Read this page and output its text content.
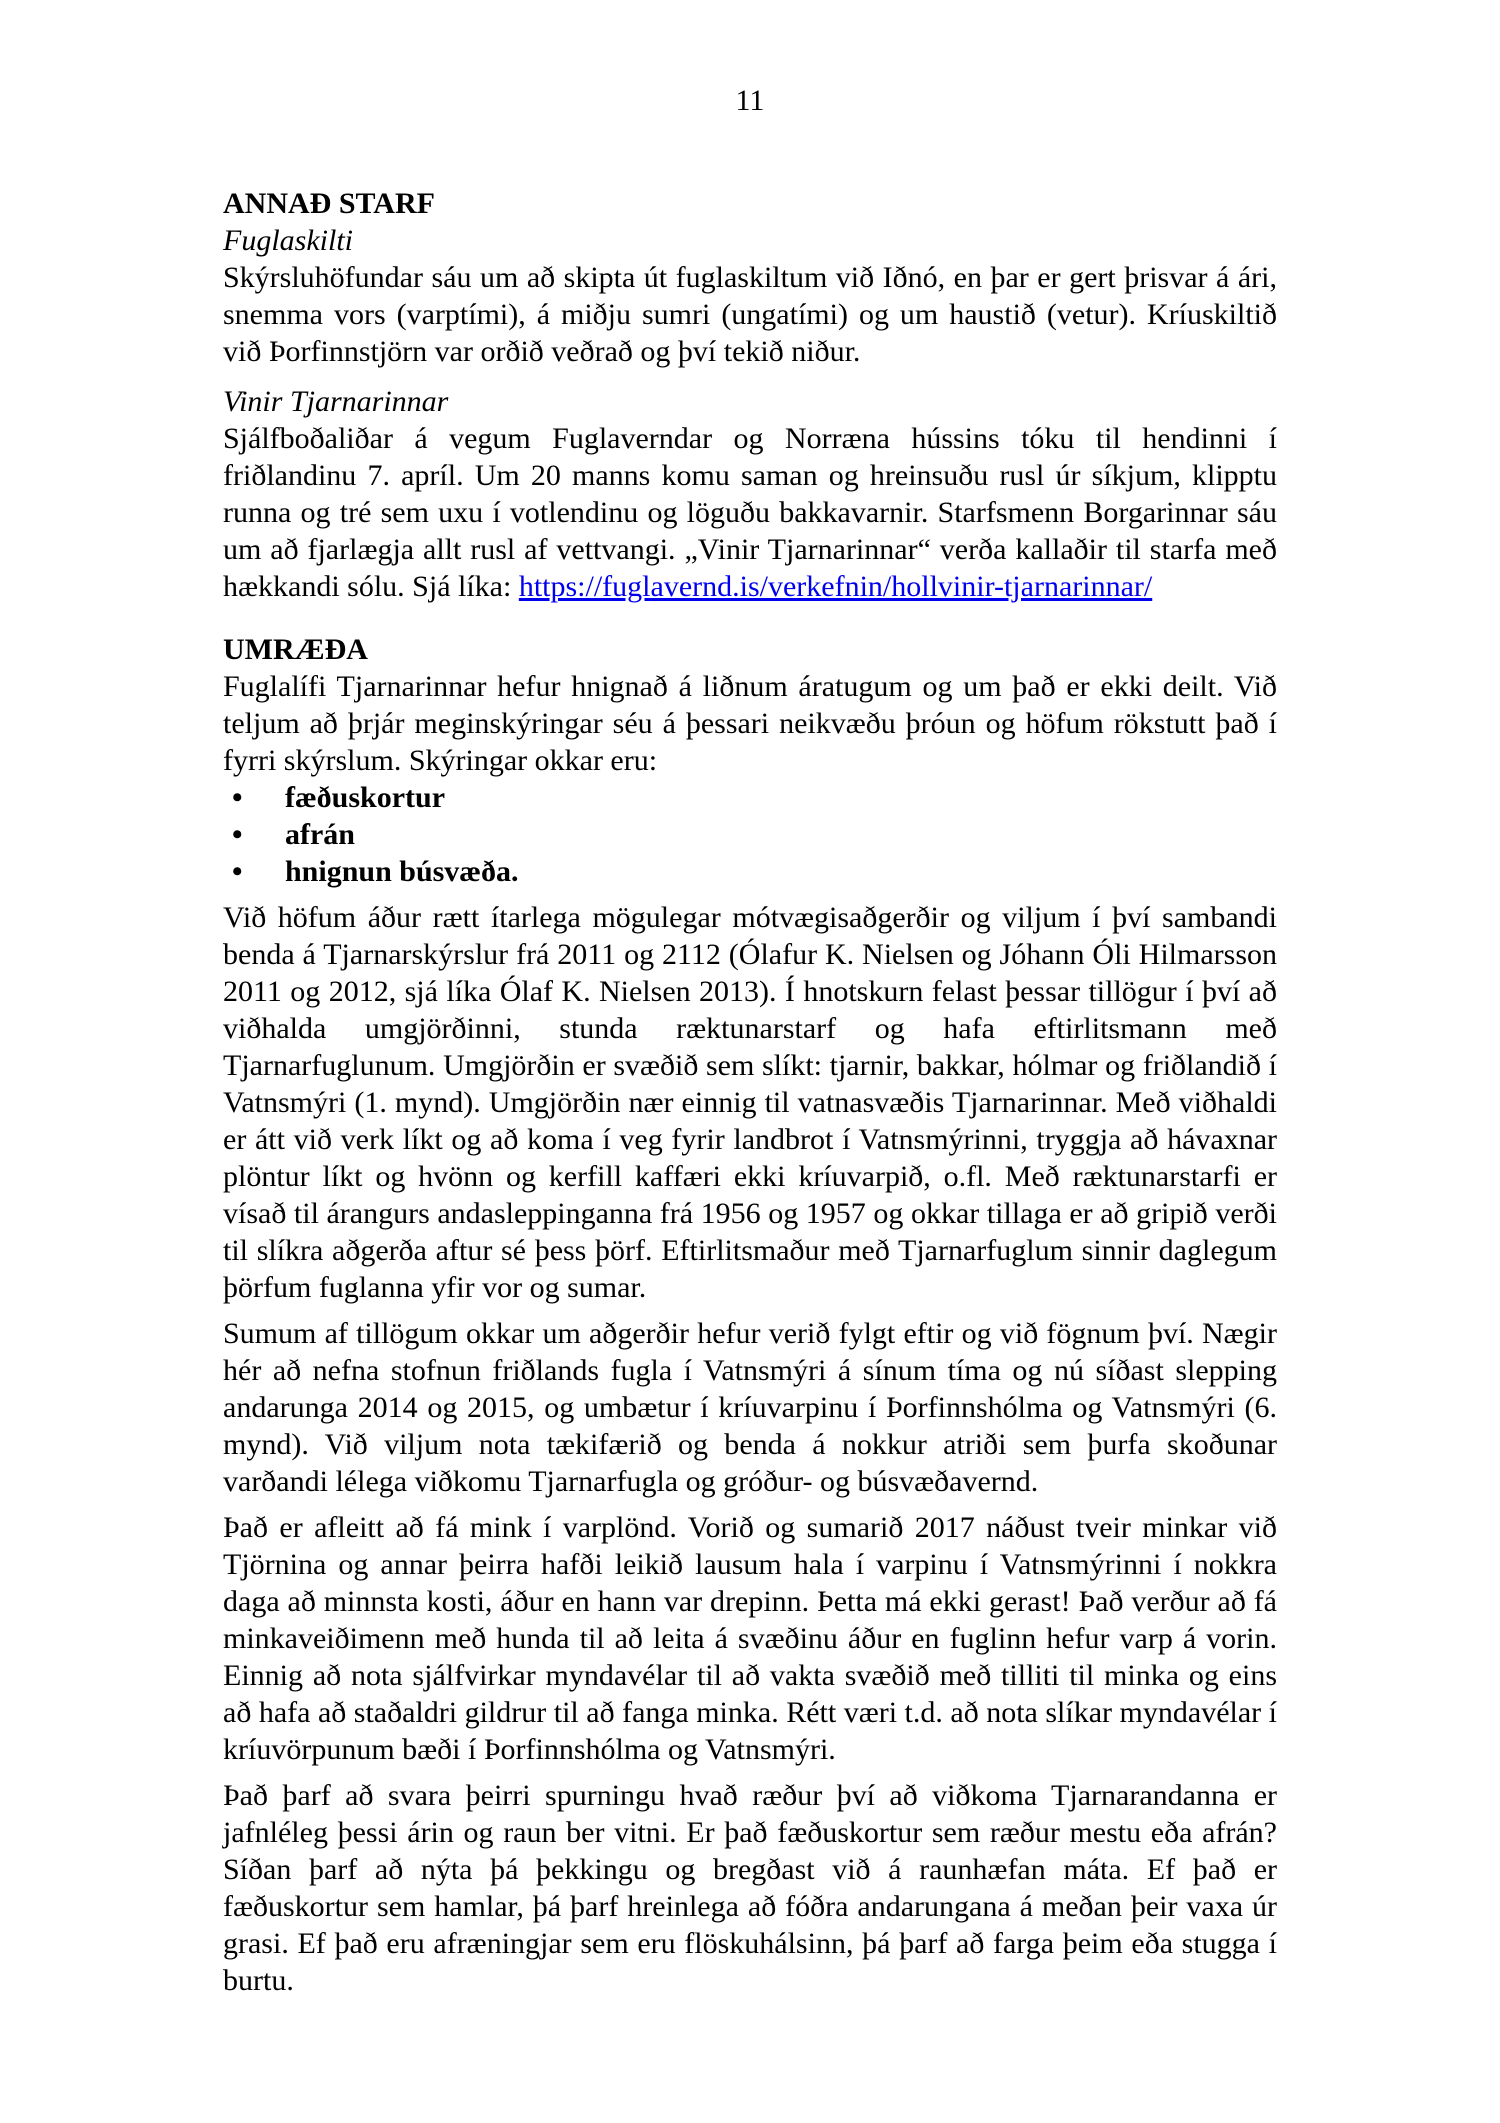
11
ANNAÐ STARF
Fuglaskilti

Skýrsluhöfundar sáu um að skipta út fuglaskiltum við Iðnó, en þar er gert þrisvar á ári, snemma vors (varptími), á miðju sumri (ungatími) og um haustið (vetur). Kríuskiltið við Þorfinnstjörn var orðið veðrað og því tekið niður.

Vinir Tjarnarinnar

Sjálfboðaliðar á vegum Fuglaverndar og Norræna hússins tóku til hendinni í friðlandinu 7. apríl. Um 20 manns komu saman og hreinsuðu rusl úr síkjum, klipptu runna og tré sem uxu í votlendinu og löguðu bakkavarnir. Starfsmenn Borgarinnar sáu um að fjarlægja allt rusl af vettvangi. „Vinir Tjarnarinnar“ verða kallaðir til starfa með hækkandi sólu. Sjá líka: https://fuglavernd.is/verkefnin/hollvinir-tjarnarinnar/

UMRÆÐA

Fuglalífi Tjarnarinnar hefur hnignað á liðnum áratugum og um það er ekki deilt. Við teljum að þrjár meginskýringar séu á þessari neikvæðu þróun og höfum rökstutt það í fyrri skýrslum. Skýringar okkar eru:

•	fæðuskortur
•	afrán
•	hnignun búsvæða.

Við höfum áður rætt ítarlega mögulegar mótvægisaðgerðir og viljum í því sambandi benda á Tjarnarskýrslur frá 2011 og 2112 (Ólafur K. Nielsen og Jóhann Óli Hilmarsson 2011 og 2012, sjá líka Ólaf K. Nielsen 2013). Í hnotskurn felast þessar tillögur í því að viðhalda umgjörðinni, stunda ræktunarstarf og hafa eftirlitsmann með Tjarnarfuglunum. Umgjörðin er svæðið sem slíkt: tjarnir, bakkar, hólmar og friðlandið í Vatnsmýri (1. mynd). Umgjörðin nær einnig til vatnasvæðis Tjarnarinnar. Með viðhaldi er átt við verk líkt og að koma í veg fyrir landbrot í Vatnsmýrinni, tryggja að hávaxnar plöntur líkt og hvönn og kerfill kaffæri ekki kríuvarpið, o.fl. Með ræktunarstarfi er vísað til árangurs andasleppinganna frá 1956 og 1957 og okkar tillaga er að gripið verði til slíkra aðgerða aftur sé þess þörf. Eftirlitsmaður með Tjarnarfuglum sinnir daglegum þörfum fuglanna yfir vor og sumar.

Sumum af tillögum okkar um aðgerðir hefur verið fylgt eftir og við fögnum því. Nægir hér að nefna stofnun friðlands fugla í Vatnsmýri á sínum tíma og nú síðast slepping andarunga 2014 og 2015, og umbætur í kríuvarpinu í Þorfinnshólma og Vatnsmýri (6. mynd). Við viljum nota tækifærið og benda á nokkur atriði sem þurfa skoðunar varðandi lélega viðkomu Tjarnarfugla og gróður- og búsvæðavernd.

Það er afleitt að fá mink í varplönd. Vorið og sumarið 2017 náðust tveir minkar við Tjörnina og annar þeirra hafði leikið lausum hala í varpinu í Vatnsmýrinni í nokkra daga að minnsta kosti, áður en hann var drepinn. Þetta má ekki gerast! Það verður að fá minkaveiðimenn með hunda til að leita á svæðinu áður en fuglinn hefur varp á vorin. Einnig að nota sjálfvirkar myndavélar til að vakta svæðið með tilliti til minka og eins að hafa að staðaldri gildrur til að fanga minka. Rétt væri t.d. að nota slíkar myndavélar í kríuvörpunum bæði í Þorfinnshólma og Vatnsmýri.

Það þarf að svara þeirri spurningu hvað ræður því að viðkoma Tjarnarandanna er jafnléleg þessi árin og raun ber vitni. Er það fæðuskortur sem ræður mestu eða afrán? Síðan þarf að nýta þá þekkingu og bregðast við á raunhæfan máta. Ef það er fæðuskortur sem hamlar, þá þarf hreinlega að fóðra andarungana á meðan þeir vaxa úr grasi. Ef það eru afræningjar sem eru flöskuhálsinn, þá þarf að farga þeim eða stugga í burtu.
